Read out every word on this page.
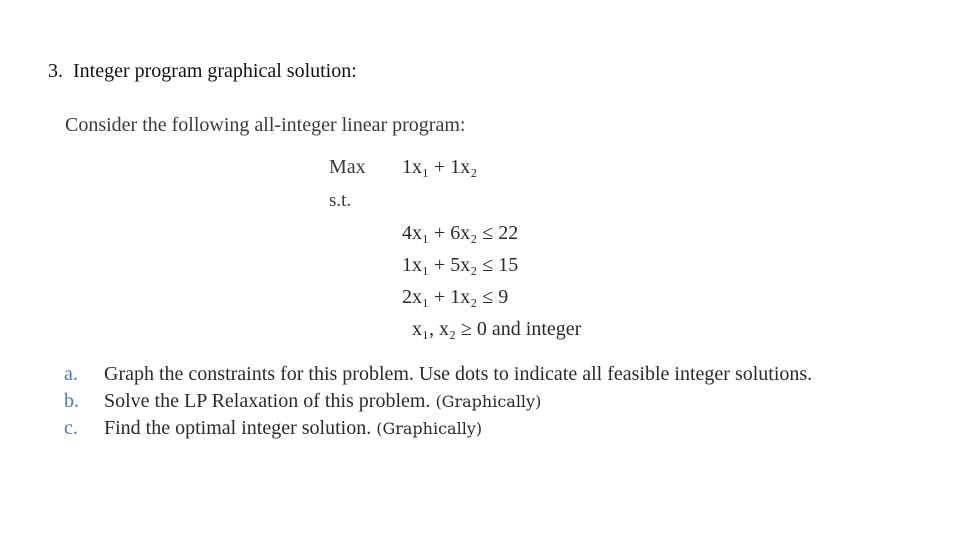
3. Integer program graphical solution:
Consider the following all-integer linear program:
Max 1x₁ + 1x₂
s.t.
4x₁ + 6x₂ ≤ 22
1x₁ + 5x₂ ≤ 15
2x₁ + 1x₂ ≤ 9
x₁, x₂ ≥ 0 and integer
a. Graph the constraints for this problem. Use dots to indicate all feasible integer solutions.
b. Solve the LP Relaxation of this problem. (Graphically)
c. Find the optimal integer solution. (Graphically)
